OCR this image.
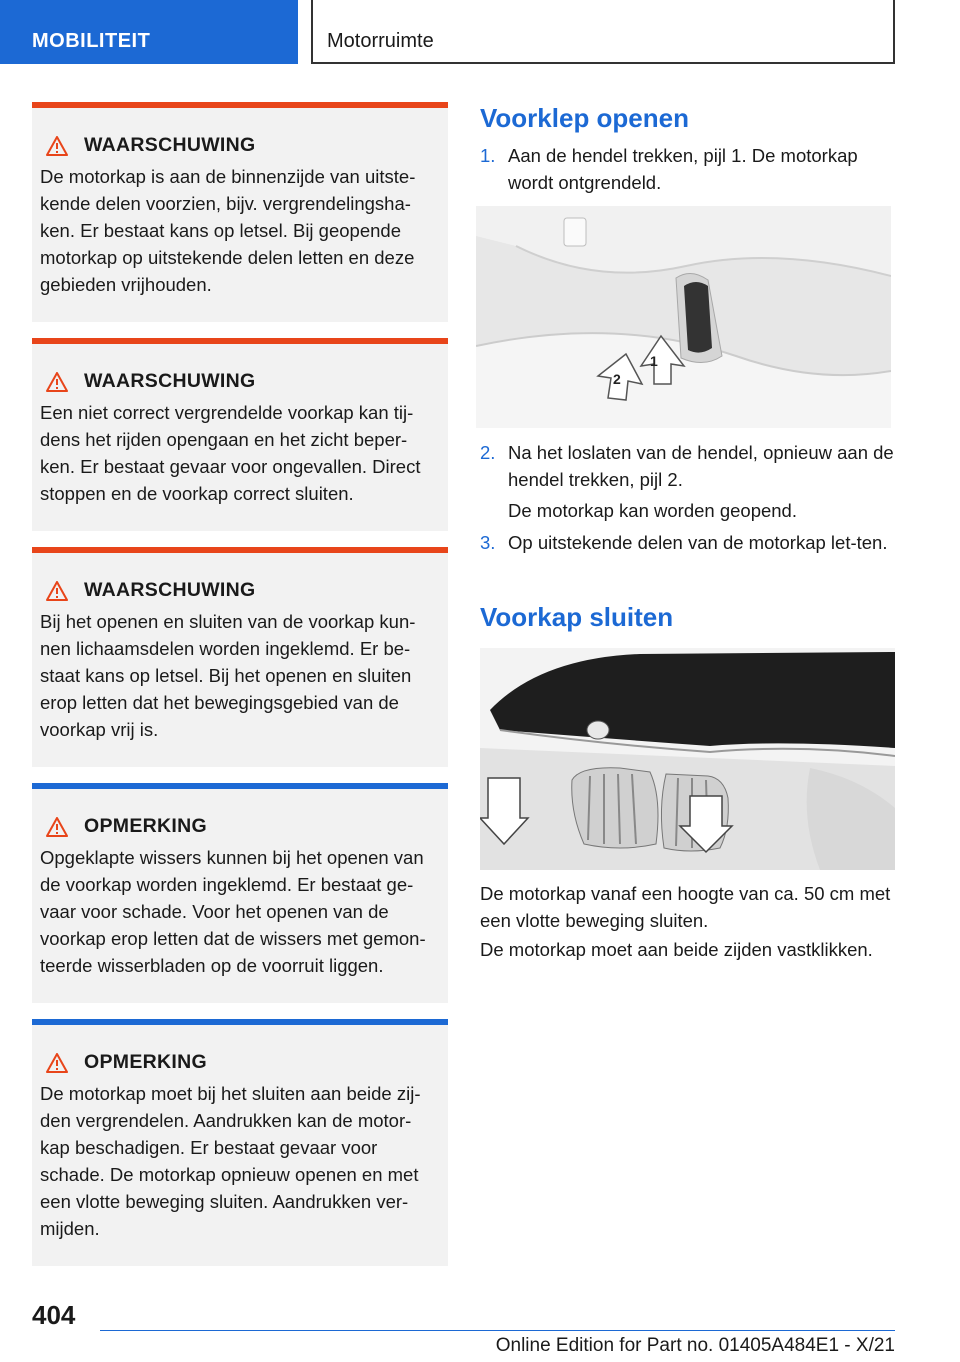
MOBILITEIT	Motorruimte
WAARSCHUWING
De motorkap is aan de binnenzijde van uitste-kende delen voorzien, bijv. vergrendelingsha-ken. Er bestaat kans op letsel. Bij geopende motorkap op uitstekende delen letten en deze gebieden vrijhouden.
WAARSCHUWING
Een niet correct vergrendelde voorkap kan tij-dens het rijden opengaan en het zicht beper-ken. Er bestaat gevaar voor ongevallen. Direct stoppen en de voorkap correct sluiten.
WAARSCHUWING
Bij het openen en sluiten van de voorkap kun-nen lichaamsdelen worden ingeklemd. Er be-staat kans op letsel. Bij het openen en sluiten erop letten dat het bewegingsgebied van de voorkap vrij is.
OPMERKING
Opgeklapte wissers kunnen bij het openen van de voorkap worden ingeklemd. Er bestaat ge-vaar voor schade. Voor het openen van de voorkap erop letten dat de wissers met gemon-teerde wisserbladen op de voorruit liggen.
OPMERKING
De motorkap moet bij het sluiten aan beide zij-den vergrendelen. Aandrukken kan de motor-kap beschadigen. Er bestaat gevaar voor schade. De motorkap opnieuw openen en met een vlotte beweging sluiten. Aandrukken ver-mijden.
Voorklep openen
1. Aan de hendel trekken, pijl 1. De motorkap wordt ontgrendeld.
1
2
2. Na het loslaten van de hendel, opnieuw aan de hendel trekken, pijl 2.
De motorkap kan worden geopend.
3. Op uitstekende delen van de motorkap let-ten.
Voorkap sluiten
De motorkap vanaf een hoogte van ca. 50 cm met een vlotte beweging sluiten.
De motorkap moet aan beide zijden vastklikken.
404
Online Edition for Part no. 01405A484E1 - X/21
